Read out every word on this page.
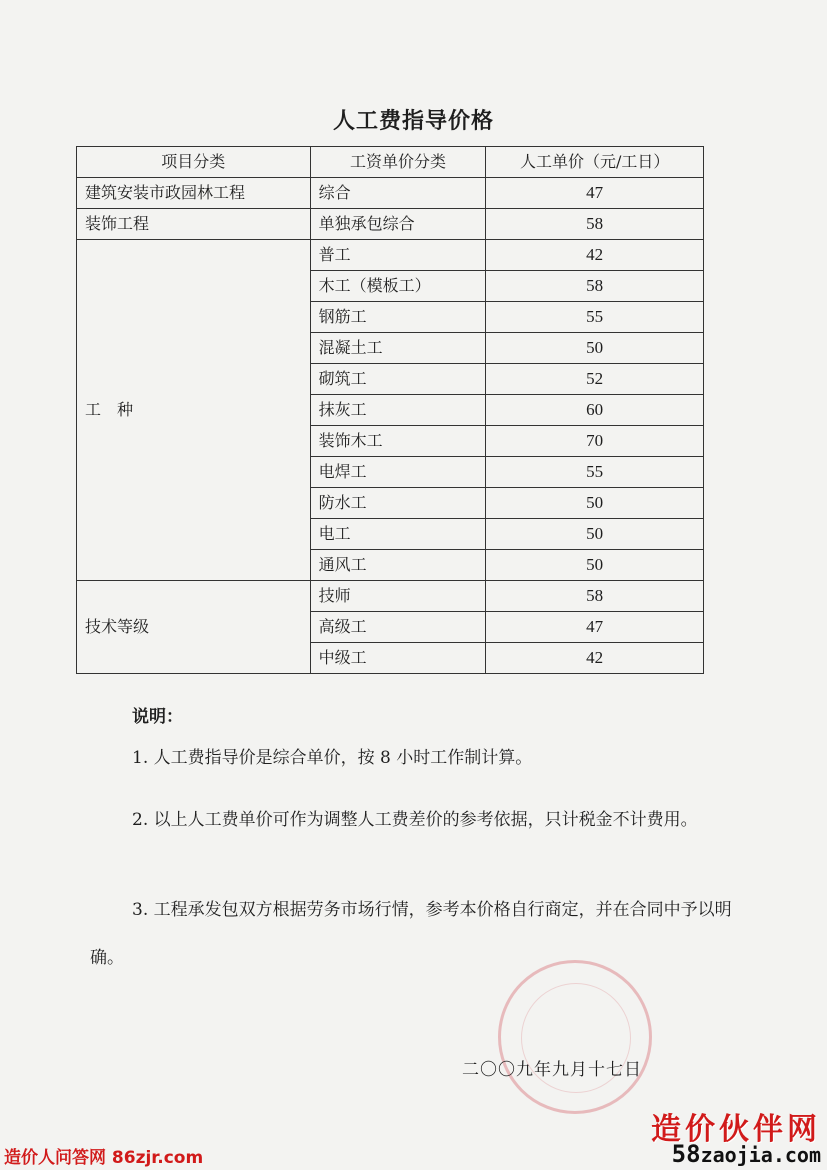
人工费指导价格
项目分类	工资单价分类	人工单价（元/工日）
建筑安装市政园林工程	综合	47
装饰工程	单独承包综合	58
工　种	普工	42
	木工（模板工）	58
	钢筋工	55
	混凝土工	50
	砌筑工	52
	抹灰工	60
	装饰木工	70
	电焊工	55
	防水工	50
	电工	50
	通风工	50
技术等级	技师	58
	高级工	47
	中级工	42
说明：
1. 人工费指导价是综合单价，按 8 小时工作制计算。
2. 以上人工费单价可作为调整人工费差价的参考依据，只计税金不计费用。
3. 工程承发包双方根据劳务市场行情，参考本价格自行商定，并在合同中予以明确。
二〇〇九年九月十七日
造价人问答网 86zjr.com
造价伙伴网
58zaojia.com
